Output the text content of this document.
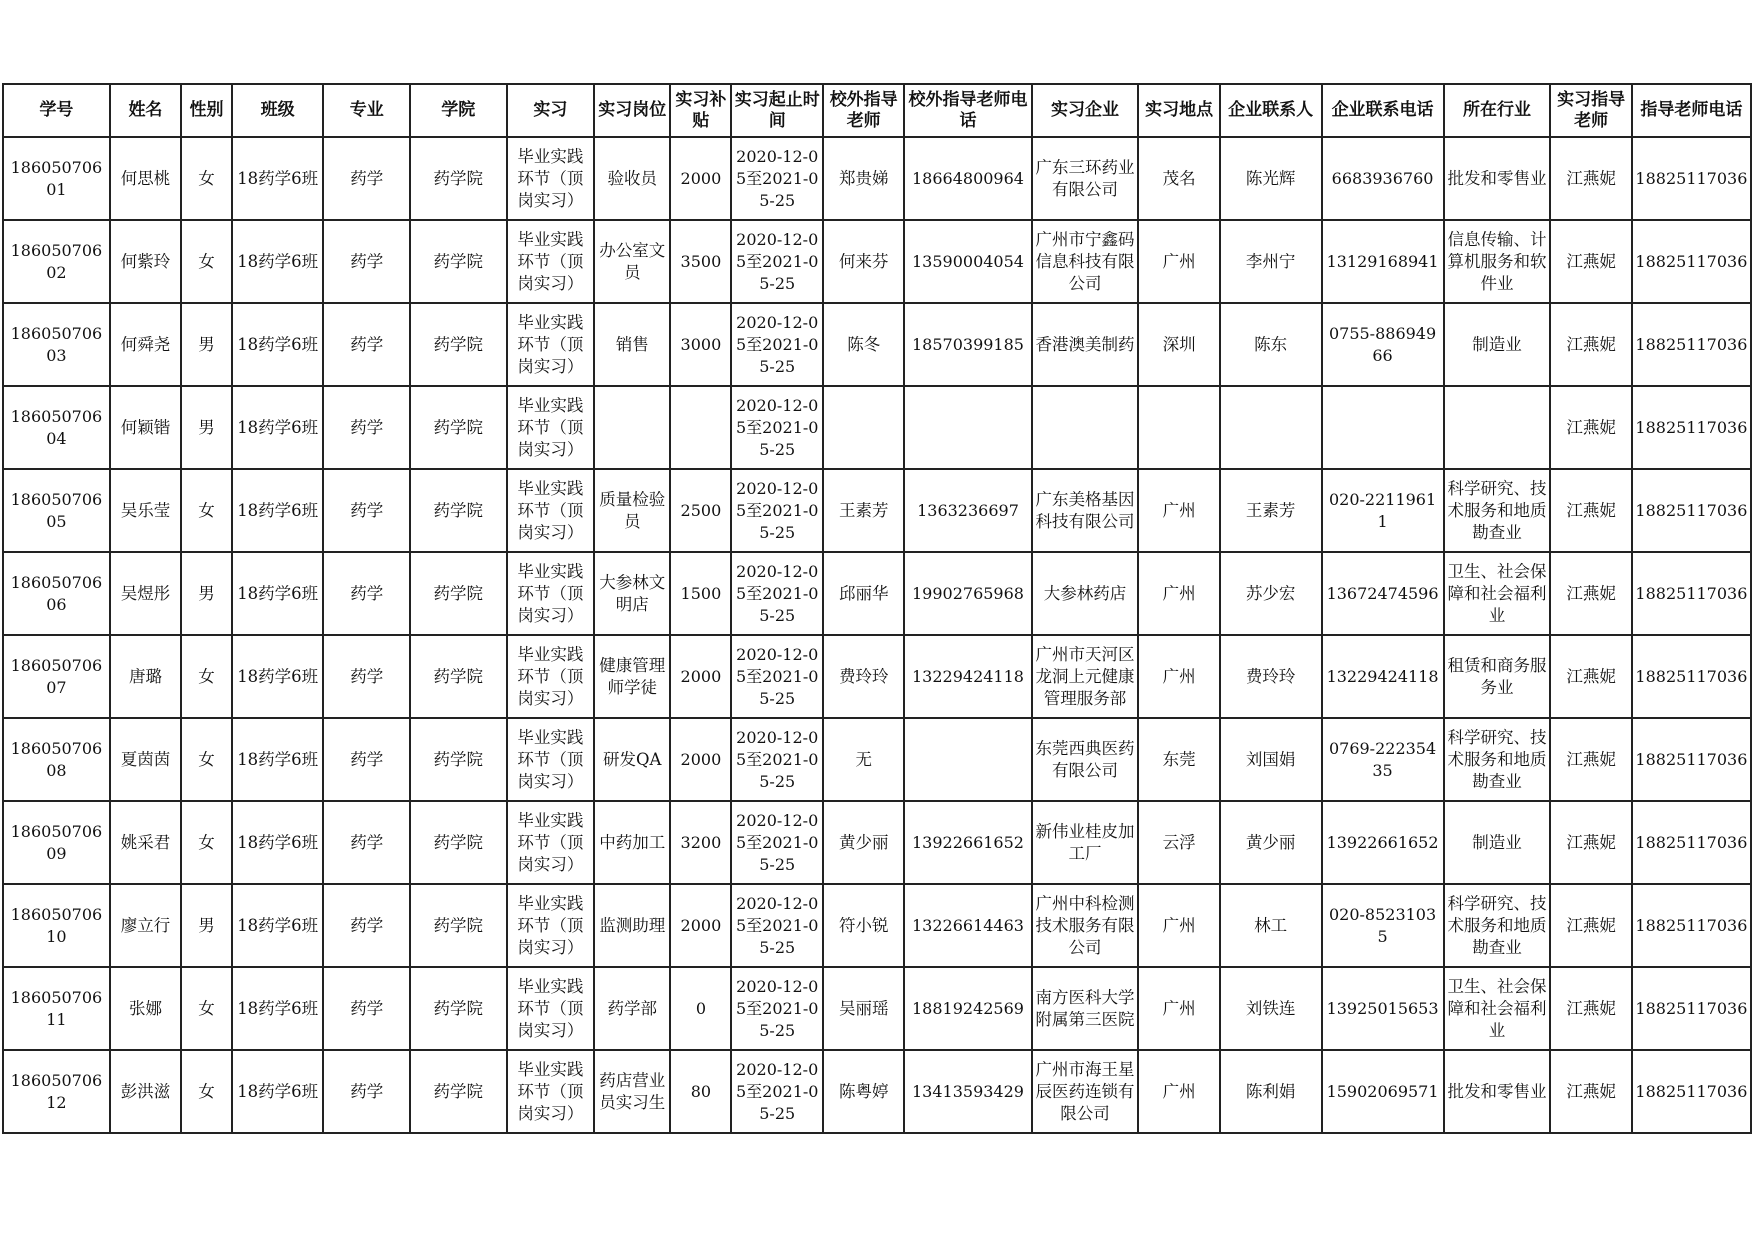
学号	姓名	性别	班级	专业	学院	实习	实习岗位	实习补贴	实习起止时间	校外指导老师	校外指导老师电话	实习企业	实习地点	企业联系人	企业联系电话	所在行业	实习指导老师	指导老师电话

18605070601	何思桃	女	18药学6班	药学	药学院	毕业实践环节（顶岗实习）	验收员	2000	2020-12-05至2021-05-25	郑贵娣	18664800964	广东三环药业有限公司	茂名	陈光辉	6683936760	批发和零售业	江燕妮	18825117036

18605070602	何紫玲	女	18药学6班	药学	药学院	毕业实践环节（顶岗实习）	办公室文员	3500	2020-12-05至2021-05-25	何来芬	13590004054	广州市宁鑫码信息科技有限公司	广州	李州宁	13129168941	信息传输、计算机服务和软件业	江燕妮	18825117036

18605070603	何舜尧	男	18药学6班	药学	药学院	毕业实践环节（顶岗实习）	销售	3000	2020-12-05至2021-05-25	陈冬	18570399185	香港澳美制药	深圳	陈东	0755-88694966	制造业	江燕妮	18825117036

18605070604	何颖锴	男	18药学6班	药学	药学院	毕业实践环节（顶岗实习）			2020-12-05至2021-05-25								江燕妮	18825117036

18605070605	吴乐莹	女	18药学6班	药学	药学院	毕业实践环节（顶岗实习）	质量检验员	2500	2020-12-05至2021-05-25	王素芳	1363236697	广东美格基因科技有限公司	广州	王素芳	020-22119611	科学研究、技术服务和地质勘查业	江燕妮	18825117036

18605070606	吴煜彤	男	18药学6班	药学	药学院	毕业实践环节（顶岗实习）	大参林文明店	1500	2020-12-05至2021-05-25	邱丽华	19902765968	大参林药店	广州	苏少宏	13672474596	卫生、社会保障和社会福利业	江燕妮	18825117036

18605070607	唐璐	女	18药学6班	药学	药学院	毕业实践环节（顶岗实习）	健康管理师学徒	2000	2020-12-05至2021-05-25	费玲玲	13229424118	广州市天河区龙洞上元健康管理服务部	广州	费玲玲	13229424118	租赁和商务服务业	江燕妮	18825117036

18605070608	夏茵茵	女	18药学6班	药学	药学院	毕业实践环节（顶岗实习）	研发QA	2000	2020-12-05至2021-05-25	无		东莞西典医药有限公司	东莞	刘国娟	0769-22235435	科学研究、技术服务和地质勘查业	江燕妮	18825117036

18605070609	姚采君	女	18药学6班	药学	药学院	毕业实践环节（顶岗实习）	中药加工	3200	2020-12-05至2021-05-25	黄少丽	13922661652	新伟业桂皮加工厂	云浮	黄少丽	13922661652	制造业	江燕妮	18825117036

18605070610	廖立行	男	18药学6班	药学	药学院	毕业实践环节（顶岗实习）	监测助理	2000	2020-12-05至2021-05-25	符小锐	13226614463	广州中科检测技术服务有限公司	广州	林工	020-85231035	科学研究、技术服务和地质勘查业	江燕妮	18825117036

18605070611	张娜	女	18药学6班	药学	药学院	毕业实践环节（顶岗实习）	药学部	0	2020-12-05至2021-05-25	吴丽瑶	18819242569	南方医科大学附属第三医院	广州	刘铁连	13925015653	卫生、社会保障和社会福利业	江燕妮	18825117036

18605070612	彭洪滋	女	18药学6班	药学	药学院	毕业实践环节（顶岗实习）	药店营业员实习生	80	2020-12-05至2021-05-25	陈粤婷	13413593429	广州市海王星辰医药连锁有限公司	广州	陈利娟	15902069571	批发和零售业	江燕妮	18825117036
